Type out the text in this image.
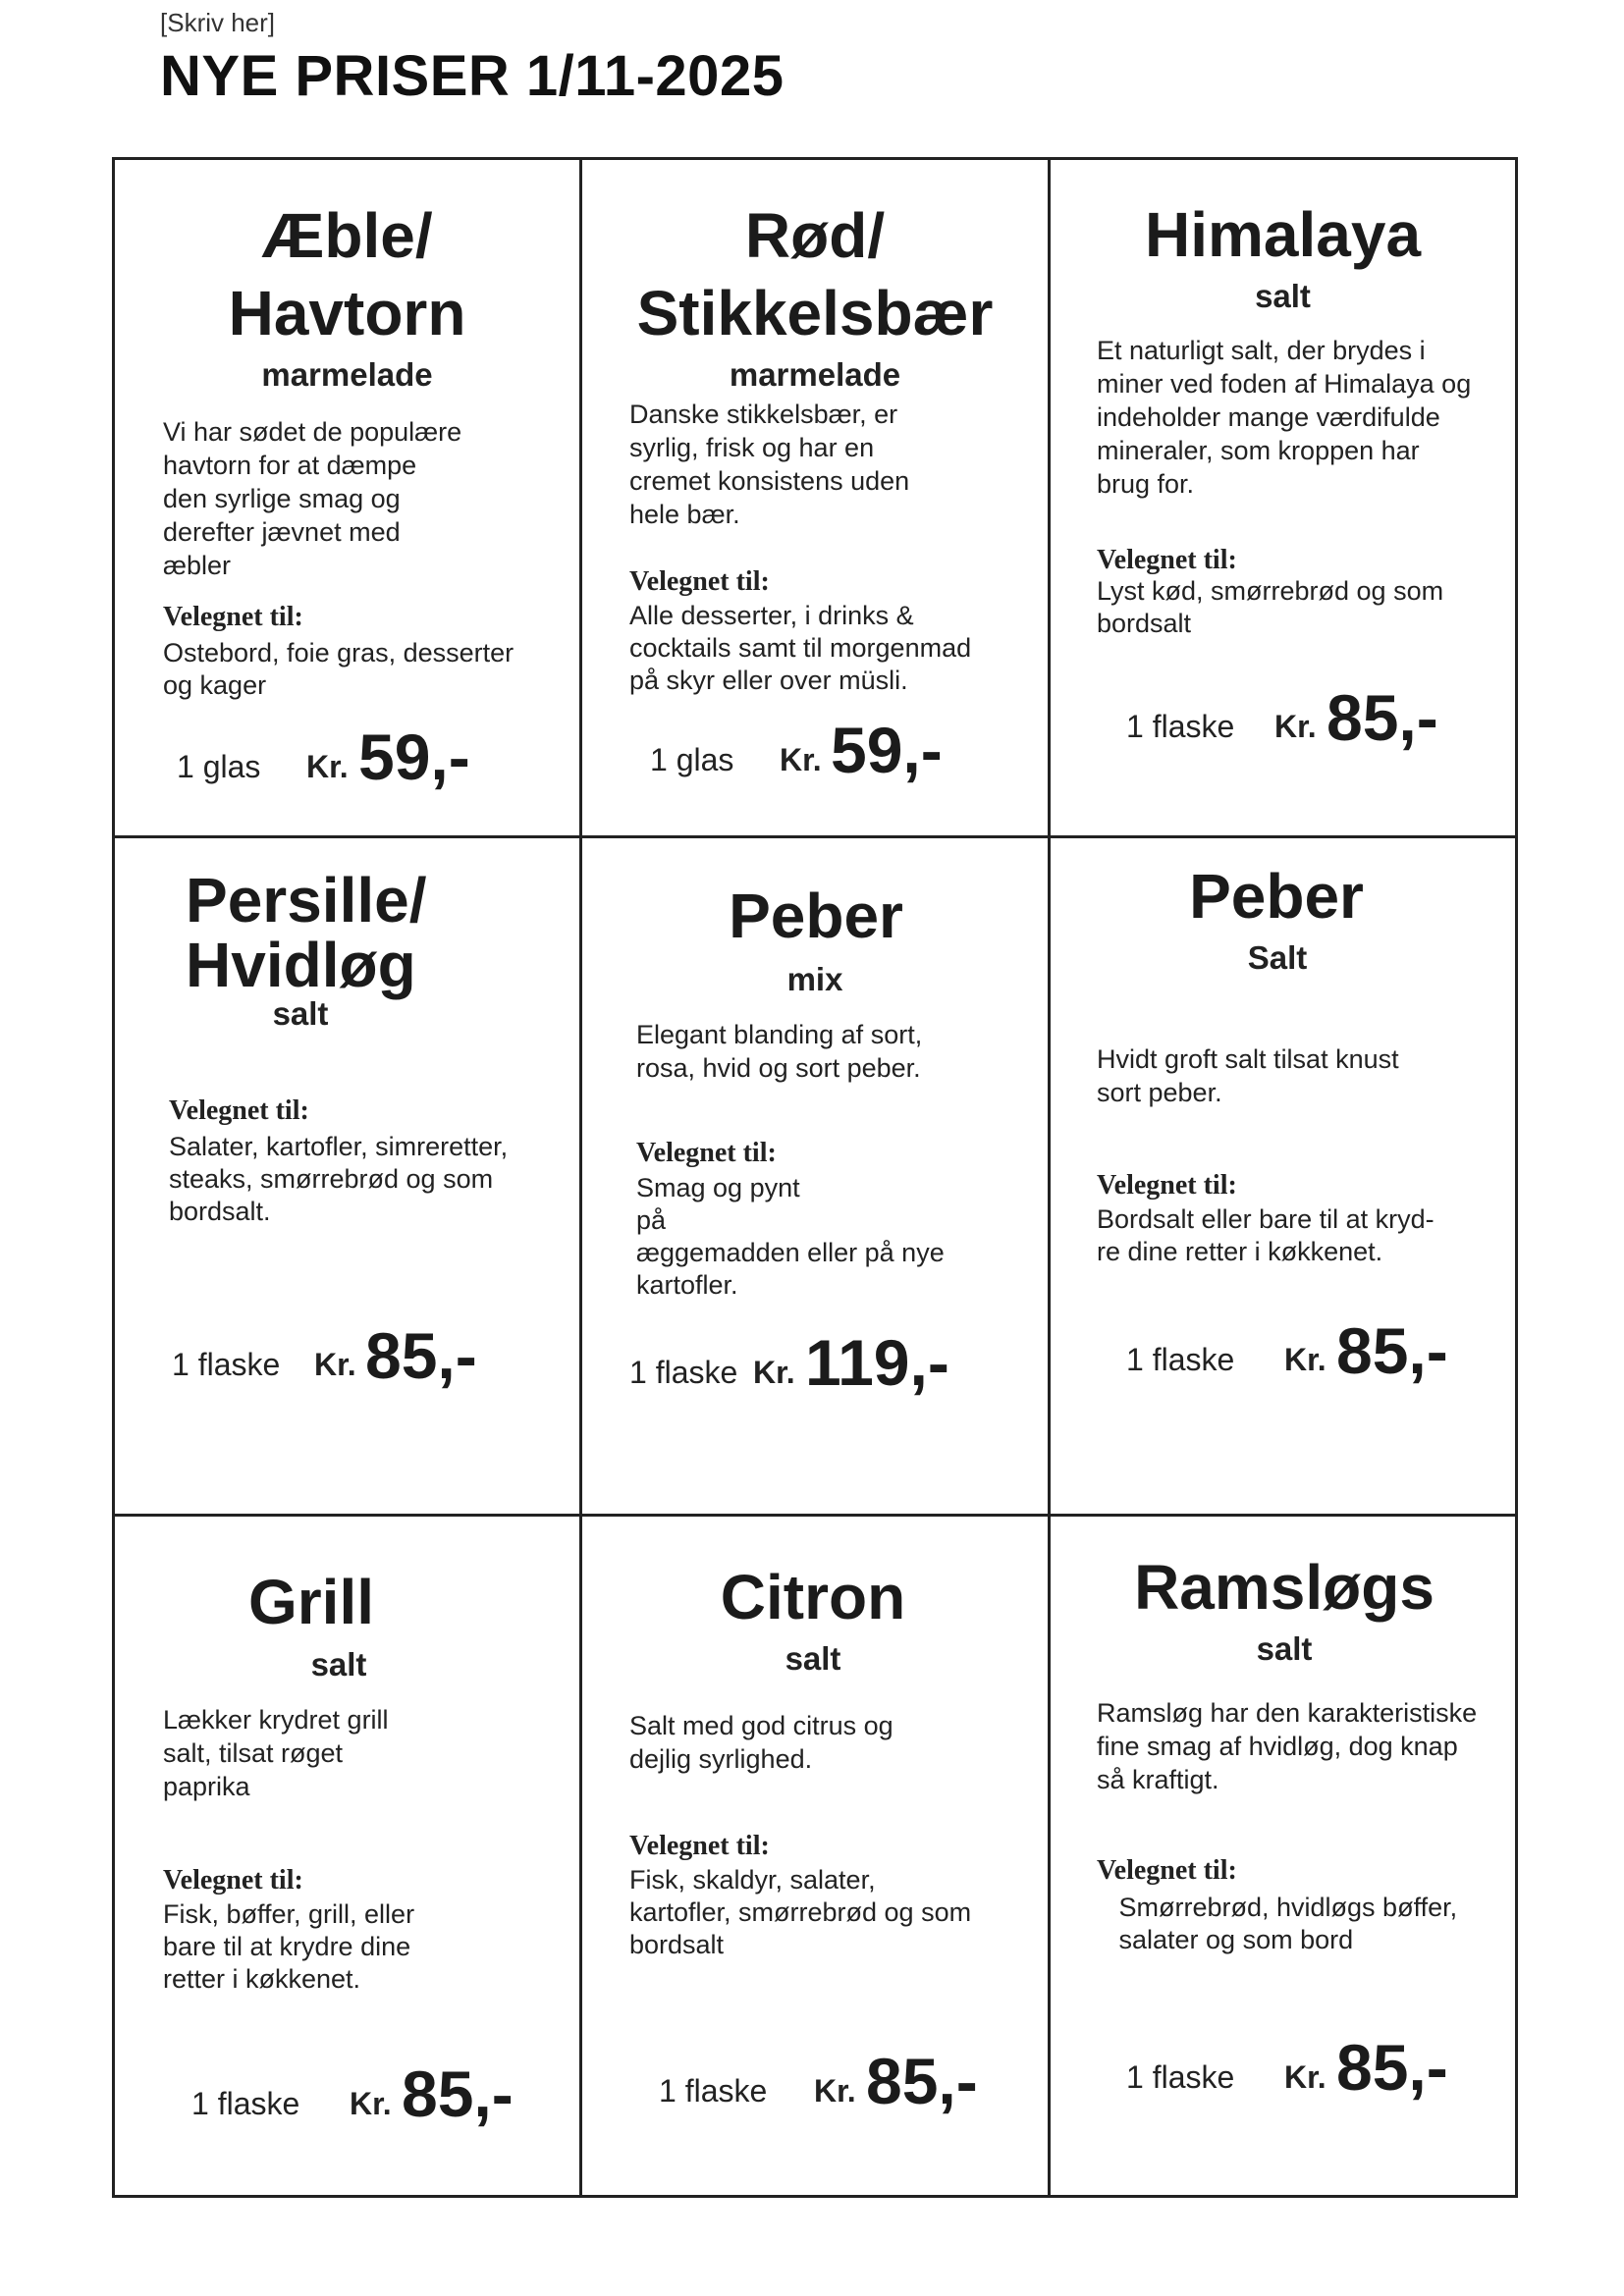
[Skriv her]
NYE PRISER 1/11-2025
Æble/
Havtorn
marmelade
Vi har sødet de populære
havtorn for at dæmpe
den syrlige smag og
derefter jævnet med
æbler
Velegnet til:
Ostebord, foie gras, desserter
og kager
1 glas Kr. 59,-
Rød/
Stikkelsbær
marmelade
Danske stikkelsbær, er
syrlig, frisk og har en
cremet konsistens uden
hele bær.
Velegnet til:
Alle desserter, i drinks &
cocktails samt til morgenmad
på skyr eller over müsli.
1 glas Kr. 59,-
Himalaya
salt
Et naturligt salt, der brydes i
miner ved foden af Himalaya og
indeholder mange værdifulde
mineraler, som kroppen har
brug for.
Velegnet til:
Lyst kød, smørrebrød og som
bordsalt
1 flaske Kr. 85,-
Persille/
Hvidløg
salt
Velegnet til:
Salater, kartofler, simreretter,
steaks, smørrebrød og som
bordsalt.
1 flaske Kr. 85,-
Peber
mix
Elegant blanding af sort,
rosa, hvid og sort peber.
Velegnet til:
Smag og pynt
på
æggemadden eller på nye
kartofler.
1 flaske Kr. 119,-
Peber
Salt
Hvidt groft salt tilsat knust
sort peber.
Velegnet til:
Bordsalt eller bare til at kryd-
re dine retter i køkkenet.
1 flaske Kr. 85,-
Grill
salt
Lækker krydret grill
salt, tilsat røget
paprika
Velegnet til:
Fisk, bøffer, grill, eller
bare til at krydre dine
retter i køkkenet.
1 flaske Kr. 85,-
Citron
salt
Salt med god citrus og
dejlig syrlighed.
Velegnet til:
Fisk, skaldyr, salater,
kartofler, smørrebrød og som
bordsalt
1 flaske Kr. 85,-
Ramsløgs
salt
Ramsløg har den karakteristiske
fine smag af hvidløg, dog knap
så kraftigt.
Velegnet til:
Smørrebrød, hvidløgs bøffer,
salater og som bord
1 flaske Kr. 85,-
